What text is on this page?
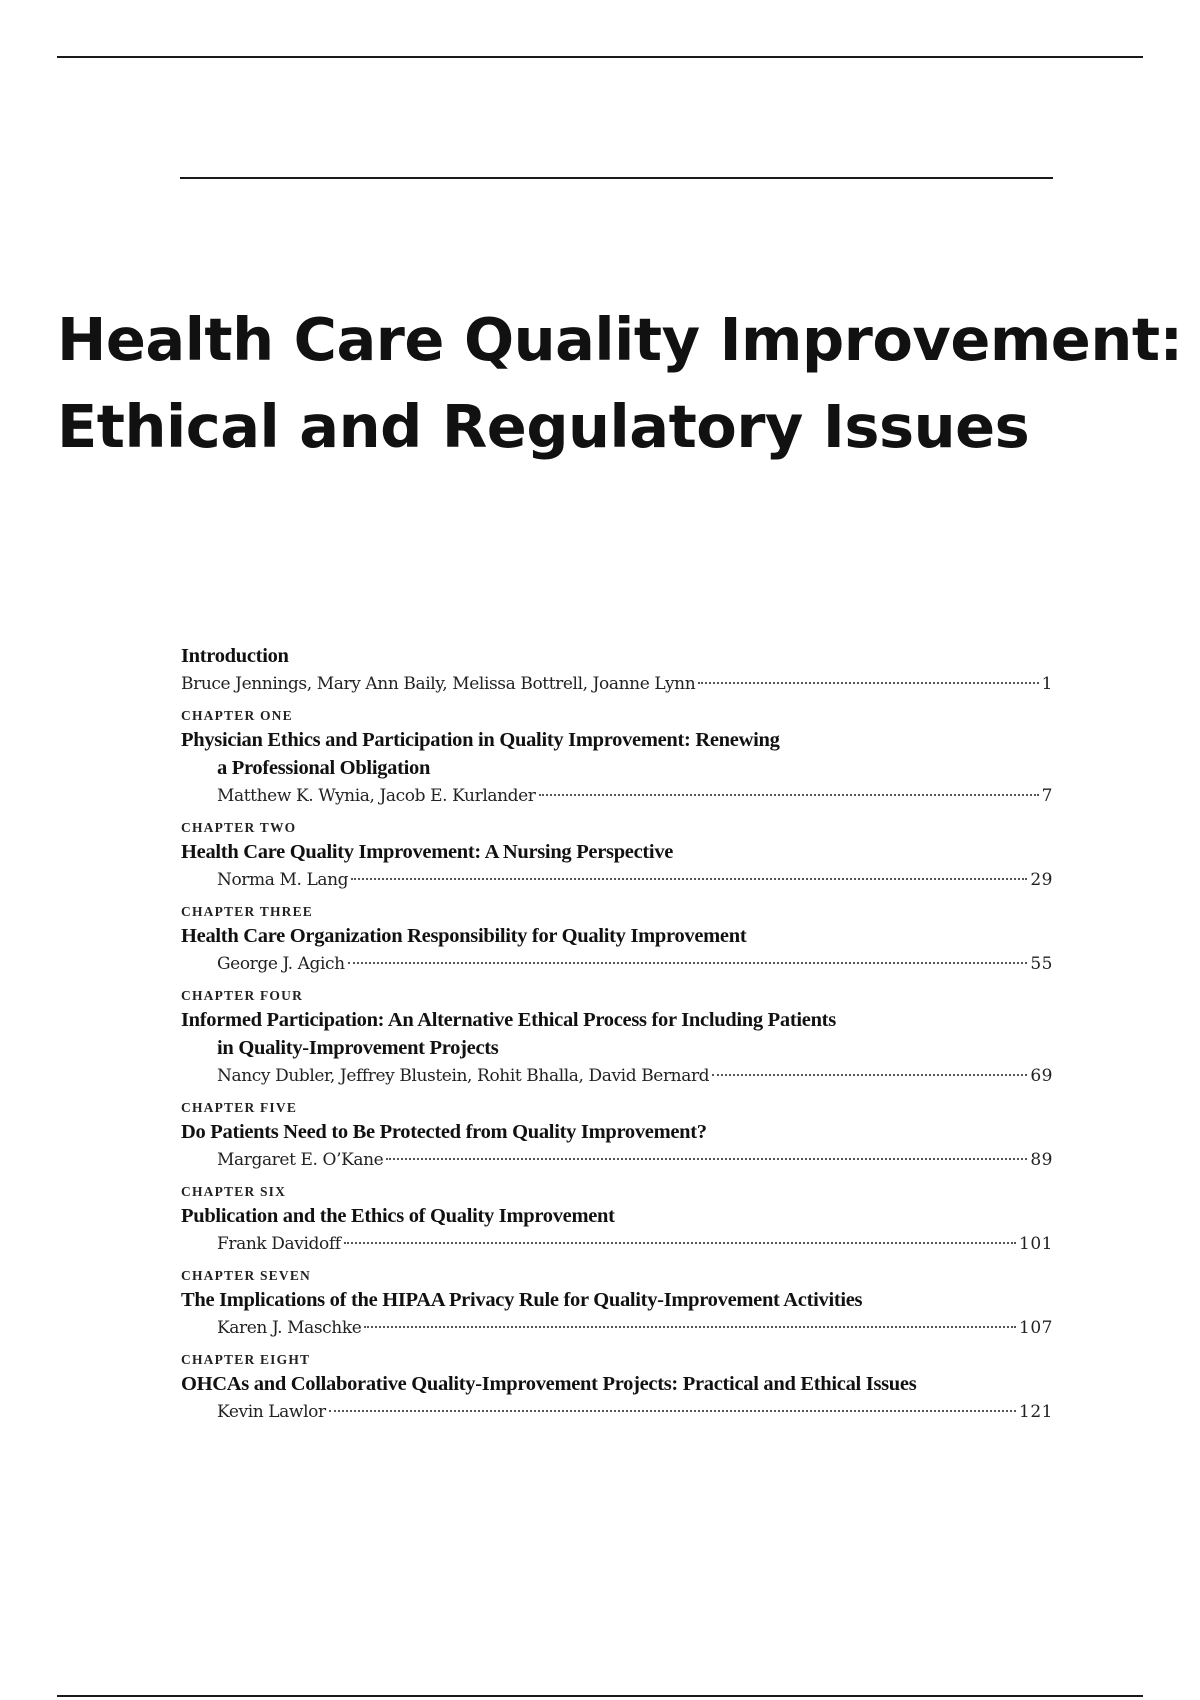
Health Care Quality Improvement:
Ethical and Regulatory Issues
Introduction
Bruce Jennings, Mary Ann Baily, Melissa Bottrell, Joanne Lynn	1
CHAPTER ONE
Physician Ethics and Participation in Quality Improvement: Renewing
a Professional Obligation
Matthew K. Wynia, Jacob E. Kurlander	7
CHAPTER TWO
Health Care Quality Improvement: A Nursing Perspective
Norma M. Lang	29
CHAPTER THREE
Health Care Organization Responsibility for Quality Improvement
George J. Agich	55
CHAPTER FOUR
Informed Participation: An Alternative Ethical Process for Including Patients
in Quality-Improvement Projects
Nancy Dubler, Jeffrey Blustein, Rohit Bhalla, David Bernard	69
CHAPTER FIVE
Do Patients Need to Be Protected from Quality Improvement?
Margaret E. O’Kane	89
CHAPTER SIX
Publication and the Ethics of Quality Improvement
Frank Davidoff	101
CHAPTER SEVEN
The Implications of the HIPAA Privacy Rule for Quality-Improvement Activities
Karen J. Maschke	107
CHAPTER EIGHT
OHCAs and Collaborative Quality-Improvement Projects: Practical and Ethical Issues
Kevin Lawlor	121
